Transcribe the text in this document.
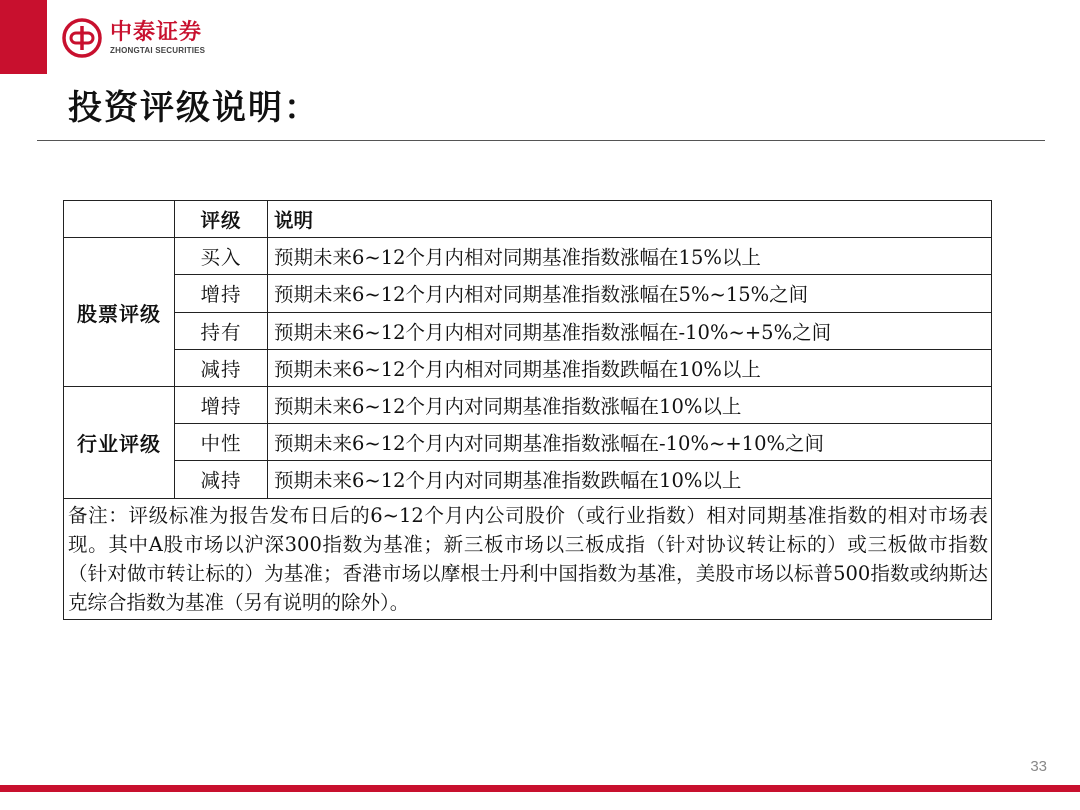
中泰证券
ZHONGTAI SECURITIES
投资评级说明：
	评级	说明
股票评级	买入	预期未来6~12个月内相对同期基准指数涨幅在15%以上
	增持	预期未来6~12个月内相对同期基准指数涨幅在5%~15%之间
	持有	预期未来6~12个月内相对同期基准指数涨幅在-10%~+5%之间
	减持	预期未来6~12个月内相对同期基准指数跌幅在10%以上
行业评级	增持	预期未来6~12个月内对同期基准指数涨幅在10%以上
	中性	预期未来6~12个月内对同期基准指数涨幅在-10%~+10%之间
	减持	预期未来6~12个月内对同期基准指数跌幅在10%以上
备注：评级标准为报告发布日后的6~12个月内公司股价（或行业指数）相对同期基准指数的相对市场表现。其中A股市场以沪深300指数为基准；新三板市场以三板成指（针对协议转让标的）或三板做市指数（针对做市转让标的）为基准；香港市场以摩根士丹利中国指数为基准，美股市场以标普500指数或纳斯达克综合指数为基准（另有说明的除外）。		
33
